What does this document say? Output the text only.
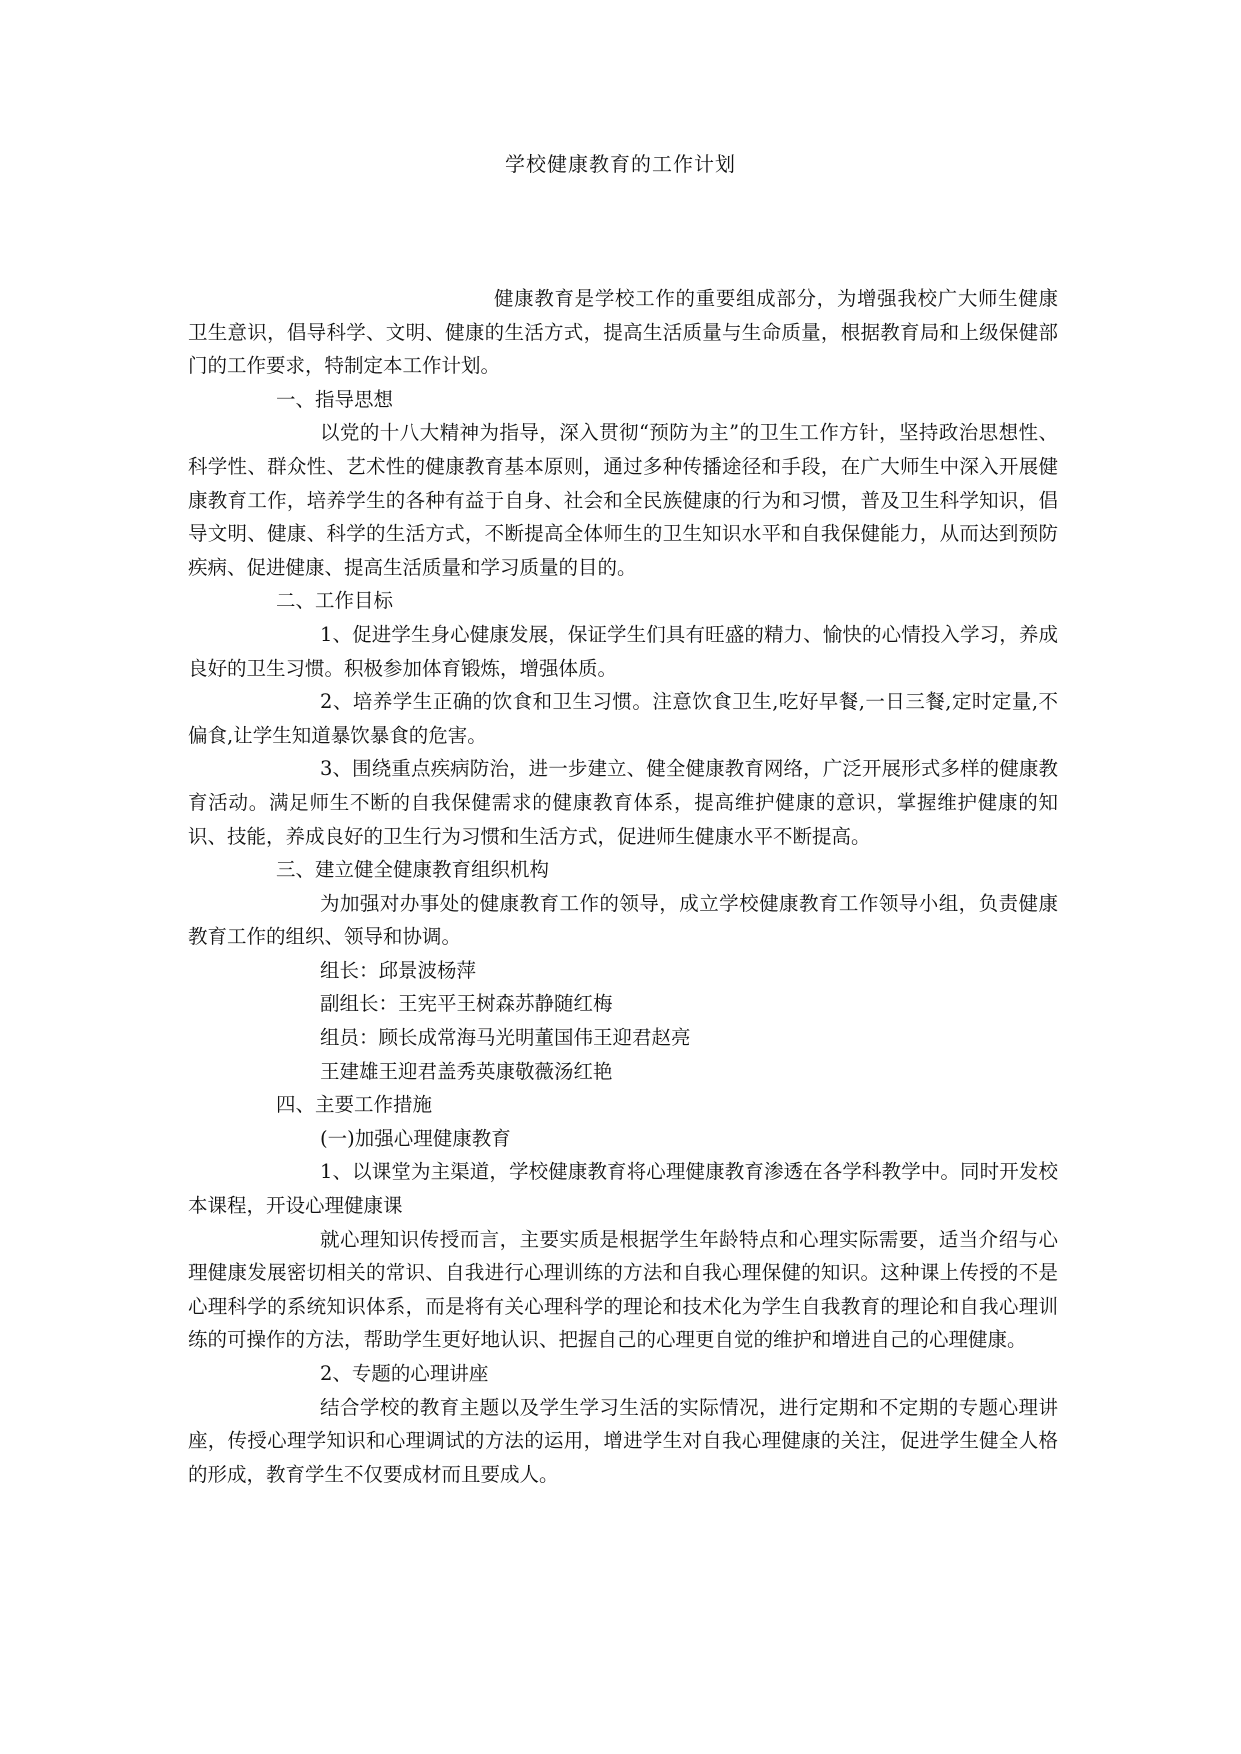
学校健康教育的工作计划

健康教育是学校工作的重要组成部分，为增强我校广大师生健康卫生意识，倡导科学、文明、健康的生活方式，提高生活质量与生命质量，根据教育局和上级保健部门的工作要求，特制定本工作计划。

一、指导思想

以党的十八大精神为指导，深入贯彻“预防为主”的卫生工作方针，坚持政治思想性、科学性、群众性、艺术性的健康教育基本原则，通过多种传播途径和手段，在广大师生中深入开展健康教育工作，培养学生的各种有益于自身、社会和全民族健康的行为和习惯，普及卫生科学知识，倡导文明、健康、科学的生活方式，不断提高全体师生的卫生知识水平和自我保健能力，从而达到预防疾病、促进健康、提高生活质量和学习质量的目的。

二、工作目标

1、促进学生身心健康发展，保证学生们具有旺盛的精力、愉快的心情投入学习，养成良好的卫生习惯。积极参加体育锻炼，增强体质。

2、培养学生正确的饮食和卫生习惯。注意饮食卫生,吃好早餐,一日三餐,定时定量,不偏食,让学生知道暴饮暴食的危害。

3、围绕重点疾病防治，进一步建立、健全健康教育网络，广泛开展形式多样的健康教育活动。满足师生不断的自我保健需求的健康教育体系，提高维护健康的意识，掌握维护健康的知识、技能，养成良好的卫生行为习惯和生活方式，促进师生健康水平不断提高。

三、建立健全健康教育组织机构

为加强对办事处的健康教育工作的领导，成立学校健康教育工作领导小组，负责健康教育工作的组织、领导和协调。

组长：邱景波杨萍

副组长：王宪平王树森苏静随红梅

组员：顾长成常海马光明董国伟王迎君赵亮

王建雄王迎君盖秀英康敬薇汤红艳

四、主要工作措施

(一)加强心理健康教育

1、以课堂为主渠道，学校健康教育将心理健康教育渗透在各学科教学中。同时开发校本课程，开设心理健康课

就心理知识传授而言，主要实质是根据学生年龄特点和心理实际需要，适当介绍与心理健康发展密切相关的常识、自我进行心理训练的方法和自我心理保健的知识。这种课上传授的不是心理科学的系统知识体系，而是将有关心理科学的理论和技术化为学生自我教育的理论和自我心理训练的可操作的方法，帮助学生更好地认识、把握自己的心理更自觉的维护和增进自己的心理健康。

2、专题的心理讲座

结合学校的教育主题以及学生学习生活的实际情况，进行定期和不定期的专题心理讲座，传授心理学知识和心理调试的方法的运用，增进学生对自我心理健康的关注，促进学生健全人格的形成，教育学生不仅要成材而且要成人。
